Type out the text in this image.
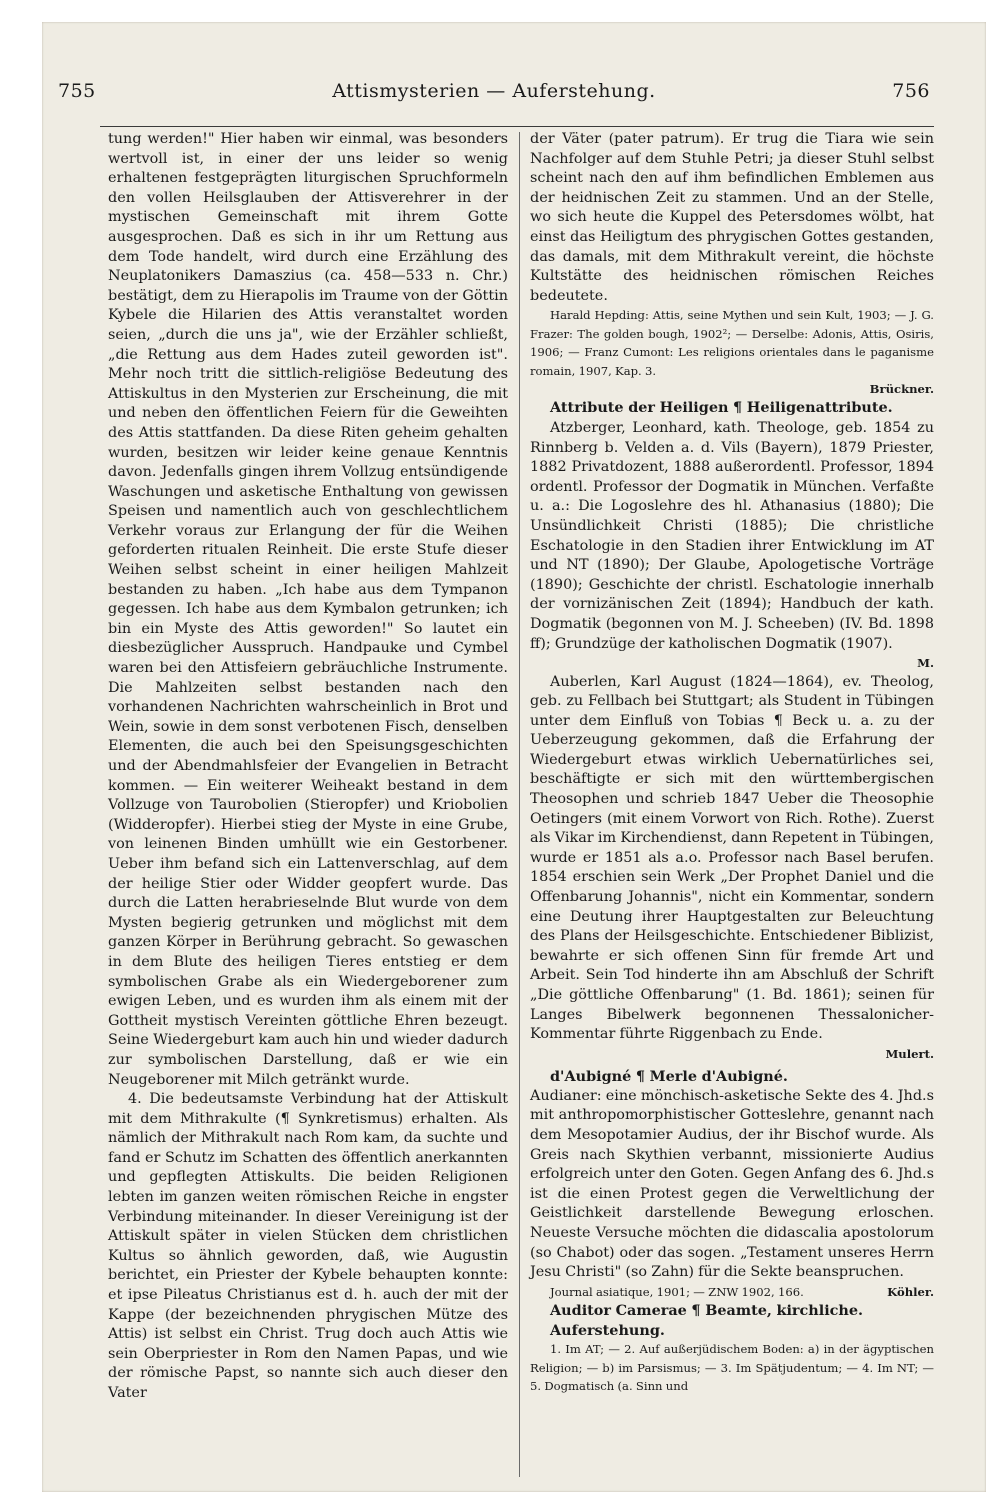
755	Attismysterien — Auferstehung.	756

tung werden!" Hier haben wir einmal, was besonders wertvoll ist, in einer der uns leider so wenig erhaltenen festgeprägten liturgischen Spruchformeln den vollen Heilsglauben der Attisverehrer in der mystischen Gemeinschaft mit ihrem Gotte ausgesprochen. Daß es sich in ihr um Rettung aus dem Tode handelt, wird durch eine Erzählung des Neuplatonikers Damaszius (ca. 458—533 n. Chr.) bestätigt, dem zu Hierapolis im Traume von der Göttin Kybele die Hilarien des Attis veranstaltet worden seien, „durch die uns ja", wie der Erzähler schließt, „die Rettung aus dem Hades zuteil geworden ist". Mehr noch tritt die sittlich-religiöse Bedeutung des Attiskultus in den Mysterien zur Erscheinung, die mit und neben den öffentlichen Feiern für die Geweihten des Attis stattfanden. Da diese Riten geheim gehalten wurden, besitzen wir leider keine genaue Kenntnis davon. Jedenfalls gingen ihrem Vollzug entsündigende Waschungen und asketische Enthaltung von gewissen Speisen und namentlich auch von geschlechtlichem Verkehr voraus zur Erlangung der für die Weihen geforderten ritualen Reinheit. Die erste Stufe dieser Weihen selbst scheint in einer heiligen Mahlzeit bestanden zu haben. „Ich habe aus dem Tympanon gegessen. Ich habe aus dem Kymbalon getrunken; ich bin ein Myste des Attis geworden!" So lautet ein diesbezüglicher Ausspruch. Handpauke und Cymbel waren bei den Attisfeiern gebräuchliche Instrumente. Die Mahlzeiten selbst bestanden nach den vorhandenen Nachrichten wahrscheinlich in Brot und Wein, sowie in dem sonst verbotenen Fisch, denselben Elementen, die auch bei den Speisungsgeschichten und der Abendmahlsfeier der Evangelien in Betracht kommen. — Ein weiterer Weiheakt bestand in dem Vollzuge von Taurobolien (Stieropfer) und Kriobolien (Widderopfer). Hierbei stieg der Myste in eine Grube, von leinenen Binden umhüllt wie ein Gestorbener. Ueber ihm befand sich ein Lattenverschlag, auf dem der heilige Stier oder Widder geopfert wurde. Das durch die Latten herabrieselnde Blut wurde von dem Mysten begierig getrunken und möglichst mit dem ganzen Körper in Berührung gebracht. So gewaschen in dem Blute des heiligen Tieres entstieg er dem symbolischen Grabe als ein Wiedergeborener zum ewigen Leben, und es wurden ihm als einem mit der Gottheit mystisch Vereinten göttliche Ehren bezeugt. Seine Wiedergeburt kam auch hin und wieder dadurch zur symbolischen Darstellung, daß er wie ein Neugeborener mit Milch getränkt wurde.

4. Die bedeutsamste Verbindung hat der Attiskult mit dem Mithrakulte (¶ Synkretismus) erhalten. Als nämlich der Mithrakult nach Rom kam, da suchte und fand er Schutz im Schatten des öffentlich anerkannten und gepflegten Attiskults. Die beiden Religionen lebten im ganzen weiten römischen Reiche in engster Verbindung miteinander. In dieser Vereinigung ist der Attiskult später in vielen Stücken dem christlichen Kultus so ähnlich geworden, daß, wie Augustin berichtet, ein Priester der Kybele behaupten konnte: et ipse Pileatus Christianus est d. h. auch der mit der Kappe (der bezeichnenden phrygischen Mütze des Attis) ist selbst ein Christ. Trug doch auch Attis wie sein Oberpriester in Rom den Namen Papas, und wie der römische Papst, so nannte sich auch dieser den Vater

der Väter (pater patrum). Er trug die Tiara wie sein Nachfolger auf dem Stuhle Petri; ja dieser Stuhl selbst scheint nach den auf ihm befindlichen Emblemen aus der heidnischen Zeit zu stammen. Und an der Stelle, wo sich heute die Kuppel des Petersdomes wölbt, hat einst das Heiligtum des phrygischen Gottes gestanden, das damals, mit dem Mithrakult vereint, die höchste Kultstätte des heidnischen römischen Reiches bedeutete.

Harald Hepding: Attis, seine Mythen und sein Kult, 1903; — J. G. Frazer: The golden bough, 1902²; — Derselbe: Adonis, Attis, Osiris, 1906; — Franz Cumont: Les religions orientales dans le paganisme romain, 1907, Kap. 3.

Brückner.

Attribute der Heiligen ¶ Heiligenattribute.

Atzberger, Leonhard, kath. Theologe, geb. 1854 zu Rinnberg b. Velden a. d. Vils (Bayern), 1879 Priester, 1882 Privatdozent, 1888 außerordentl. Professor, 1894 ordentl. Professor der Dogmatik in München. Verfaßte u. a.: Die Logoslehre des hl. Athanasius (1880); Die Unsündlichkeit Christi (1885); Die christliche Eschatologie in den Stadien ihrer Entwicklung im AT und NT (1890); Der Glaube, Apologetische Vorträge (1890); Geschichte der christl. Eschatologie innerhalb der vornizänischen Zeit (1894); Handbuch der kath. Dogmatik (begonnen von M. J. Scheeben) (IV. Bd. 1898 ff); Grundzüge der katholischen Dogmatik (1907).

M.

Auberlen, Karl August (1824—1864), ev. Theolog, geb. zu Fellbach bei Stuttgart; als Student in Tübingen unter dem Einfluß von Tobias ¶ Beck u. a. zu der Ueberzeugung gekommen, daß die Erfahrung der Wiedergeburt etwas wirklich Uebernatürliches sei, beschäftigte er sich mit den württembergischen Theosophen und schrieb 1847 Ueber die Theosophie Oetingers (mit einem Vorwort von Rich. Rothe). Zuerst als Vikar im Kirchendienst, dann Repetent in Tübingen, wurde er 1851 als a.o. Professor nach Basel berufen. 1854 erschien sein Werk „Der Prophet Daniel und die Offenbarung Johannis", nicht ein Kommentar, sondern eine Deutung ihrer Hauptgestalten zur Beleuchtung des Plans der Heilsgeschichte. Entschiedener Biblizist, bewahrte er sich offenen Sinn für fremde Art und Arbeit. Sein Tod hinderte ihn am Abschluß der Schrift „Die göttliche Offenbarung" (1. Bd. 1861); seinen für Langes Bibelwerk begonnenen Thessalonicher-Kommentar führte Riggenbach zu Ende.

Mulert.

d'Aubigné ¶ Merle d'Aubigné.

Audianer: eine mönchisch-asketische Sekte des 4. Jhd.s mit anthropomorphistischer Gotteslehre, genannt nach dem Mesopotamier Audius, der ihr Bischof wurde. Als Greis nach Skythien verbannt, missionierte Audius erfolgreich unter den Goten. Gegen Anfang des 6. Jhd.s ist die einen Protest gegen die Verweltlichung der Geistlichkeit darstellende Bewegung erloschen. Neueste Versuche möchten die didascalia apostolorum (so Chabot) oder das sogen. „Testament unseres Herrn Jesu Christi" (so Zahn) für die Sekte beanspruchen.

Journal asiatique, 1901; — ZNW 1902, 166.	Köhler.

Auditor Camerae ¶ Beamte, kirchliche.

Auferstehung.

1. Im AT; — 2. Auf außerjüdischem Boden: a) in der ägyptischen Religion; — b) im Parsismus; — 3. Im Spätjudentum; — 4. Im NT; — 5. Dogmatisch (a. Sinn und
